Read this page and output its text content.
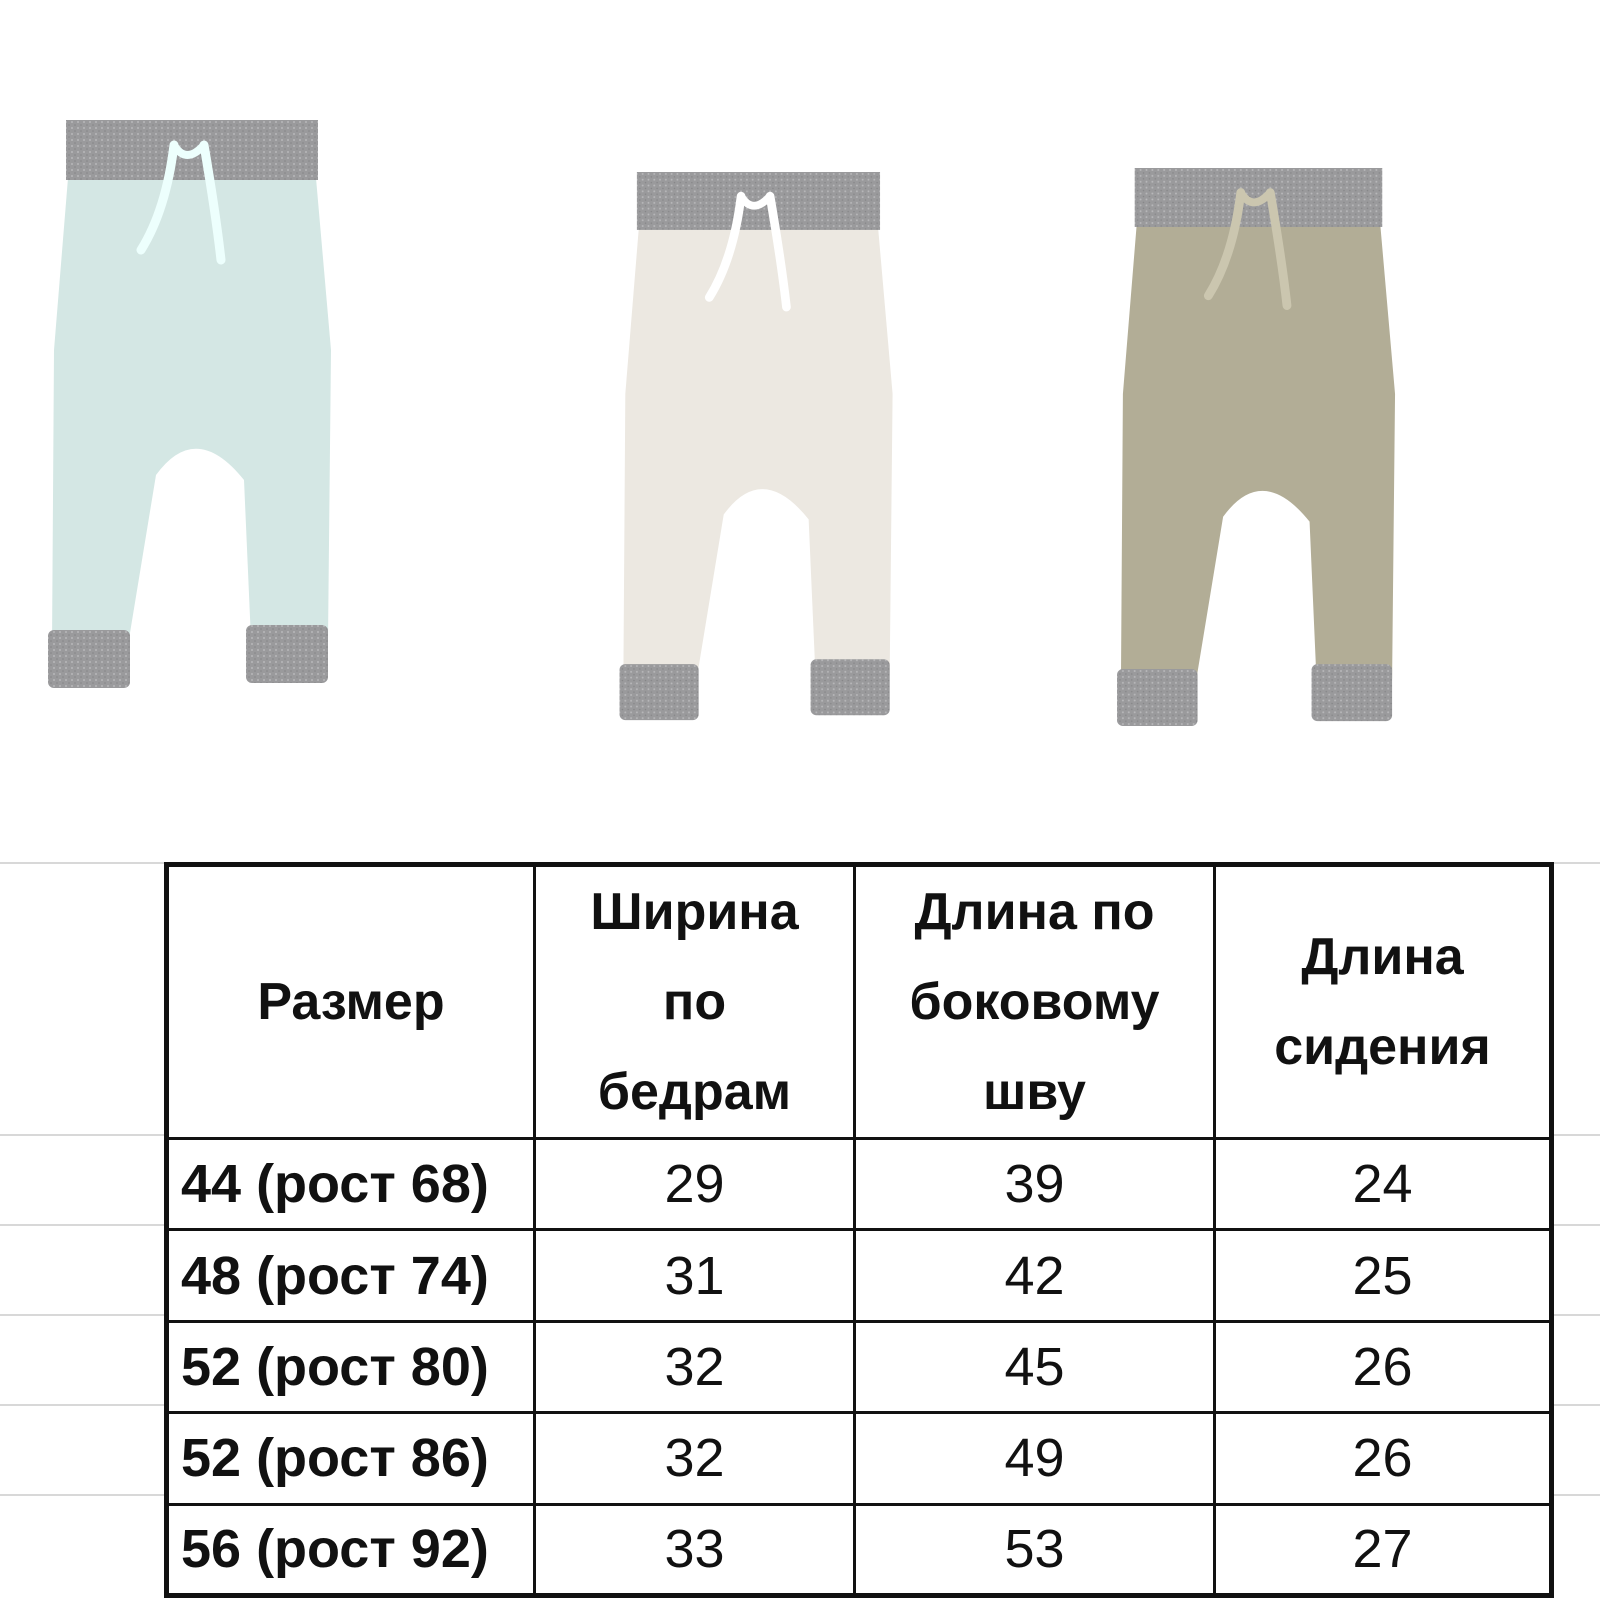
Размер	Ширина по бедрам	Длина по боковому шву	Длина сидения

44 (рост 68)	29	39	24
48 (рост 74)	31	42	25
52 (рост 80)	32	45	26
52 (рост 86)	32	49	26
56 (рост 92)	33	53	27
